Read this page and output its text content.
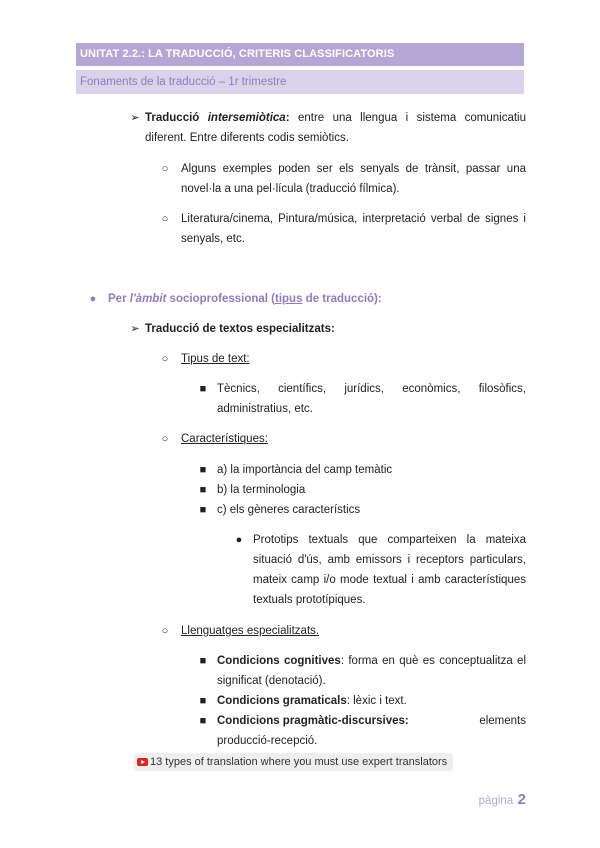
UNITAT 2.2.: LA TRADUCCIÓ, CRITERIS CLASSIFICATORIS
Fonaments de la traducció – 1r trimestre
➢ Traducció intersemiòtica: entre una llengua i sistema comunicatiu
diferent. Entre diferents codis semiòtics.
○	Alguns exemples poden ser els senyals de trànsit, passar una
novel·la a una pel·lícula (traducció fílmica).
○	Literatura/cinema, Pintura/música, interpretació verbal de signes i
senyals, etc.
●	Per l'àmbit socioprofessional (tipus de traducció):
➢ Traducció de textos especialitzats:
○	Tipus de text:
■ Tècnics, científics, jurídics, econòmics, filosòfics,
administratius, etc.
○	Característiques:
■ a) la importància del camp temàtic
■ b) la terminologia
■ c) els gèneres característics
● Prototips textuals que comparteixen la mateixa
situació d'ús, amb emissors i receptors particulars,
mateix camp i/o mode textual i amb característiques
textuals prototípiques.
○	Llenguatges especialitzats.
■ Condicions cognitives: forma en què es conceptualitza el
significat (denotació).
■ Condicions gramaticals: lèxic i text.
■ Condicions pragmàtic-discursives:	elements
producció-recepció.
13 types of translation where you must use expert translators
pàgina 2
